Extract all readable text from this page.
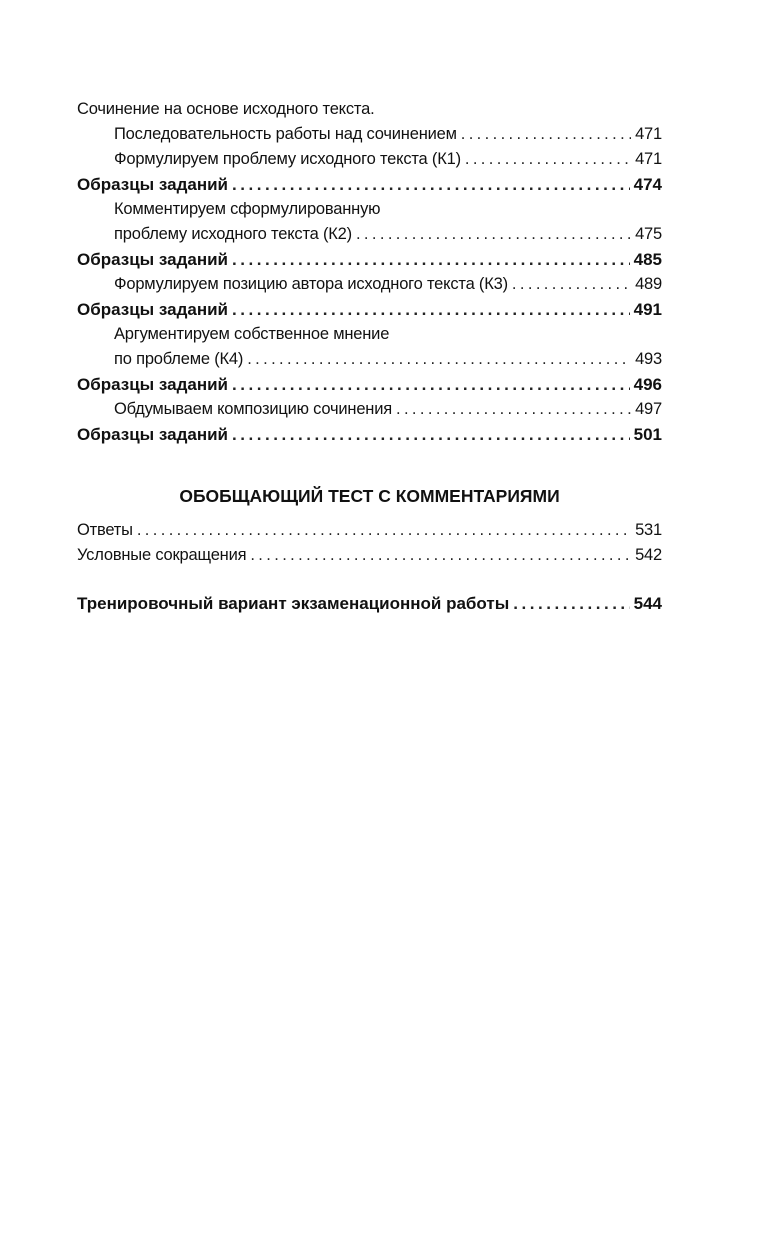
Сочинение на основе исходного текста.
Последовательность работы над сочинением . . .	471
Формулируем проблему исходного текста (К1) . . .	471
Образцы заданий . . .	474
Комментируем сформулированную
проблему исходного текста (К2) . . .	475
Образцы заданий . . .	485
Формулируем позицию автора исходного текста (К3) . . .	489
Образцы заданий . . .	491
Аргументируем собственное мнение
по проблеме (К4) . . .	493
Образцы заданий . . .	496
Обдумываем композицию сочинения . . .	497
Образцы заданий . . .	501
ОБОБЩАЮЩИЙ ТЕСТ С КОММЕНТАРИЯМИ
Ответы . . .	531
Условные сокращения . . .	542
Тренировочный вариант экзаменационной работы . . .	544
